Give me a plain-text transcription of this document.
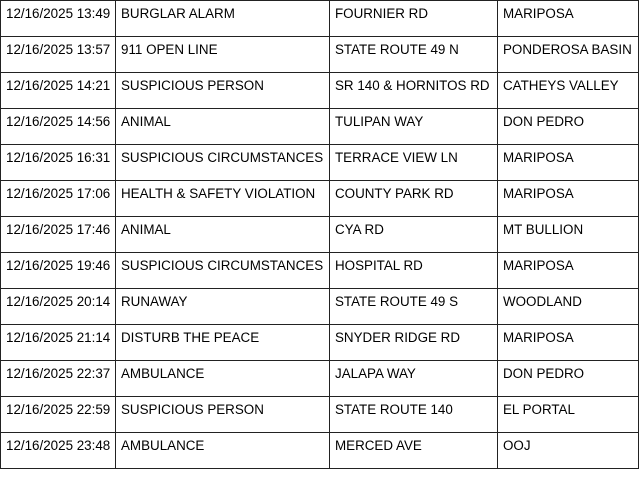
12/16/2025 13:49	BURGLAR ALARM	FOURNIER RD	MARIPOSA
12/16/2025 13:57	911 OPEN LINE	STATE ROUTE 49 N	PONDEROSA BASIN
12/16/2025 14:21	SUSPICIOUS PERSON	SR 140 & HORNITOS RD	CATHEYS VALLEY
12/16/2025 14:56	ANIMAL	TULIPAN WAY	DON PEDRO
12/16/2025 16:31	SUSPICIOUS CIRCUMSTANCES	TERRACE VIEW LN	MARIPOSA
12/16/2025 17:06	HEALTH & SAFETY VIOLATION	COUNTY PARK RD	MARIPOSA
12/16/2025 17:46	ANIMAL	CYA RD	MT BULLION
12/16/2025 19:46	SUSPICIOUS CIRCUMSTANCES	HOSPITAL RD	MARIPOSA
12/16/2025 20:14	RUNAWAY	STATE ROUTE 49 S	WOODLAND
12/16/2025 21:14	DISTURB THE PEACE	SNYDER RIDGE RD	MARIPOSA
12/16/2025 22:37	AMBULANCE	JALAPA WAY	DON PEDRO
12/16/2025 22:59	SUSPICIOUS PERSON	STATE ROUTE 140	EL PORTAL
12/16/2025 23:48	AMBULANCE	MERCED AVE	OOJ
